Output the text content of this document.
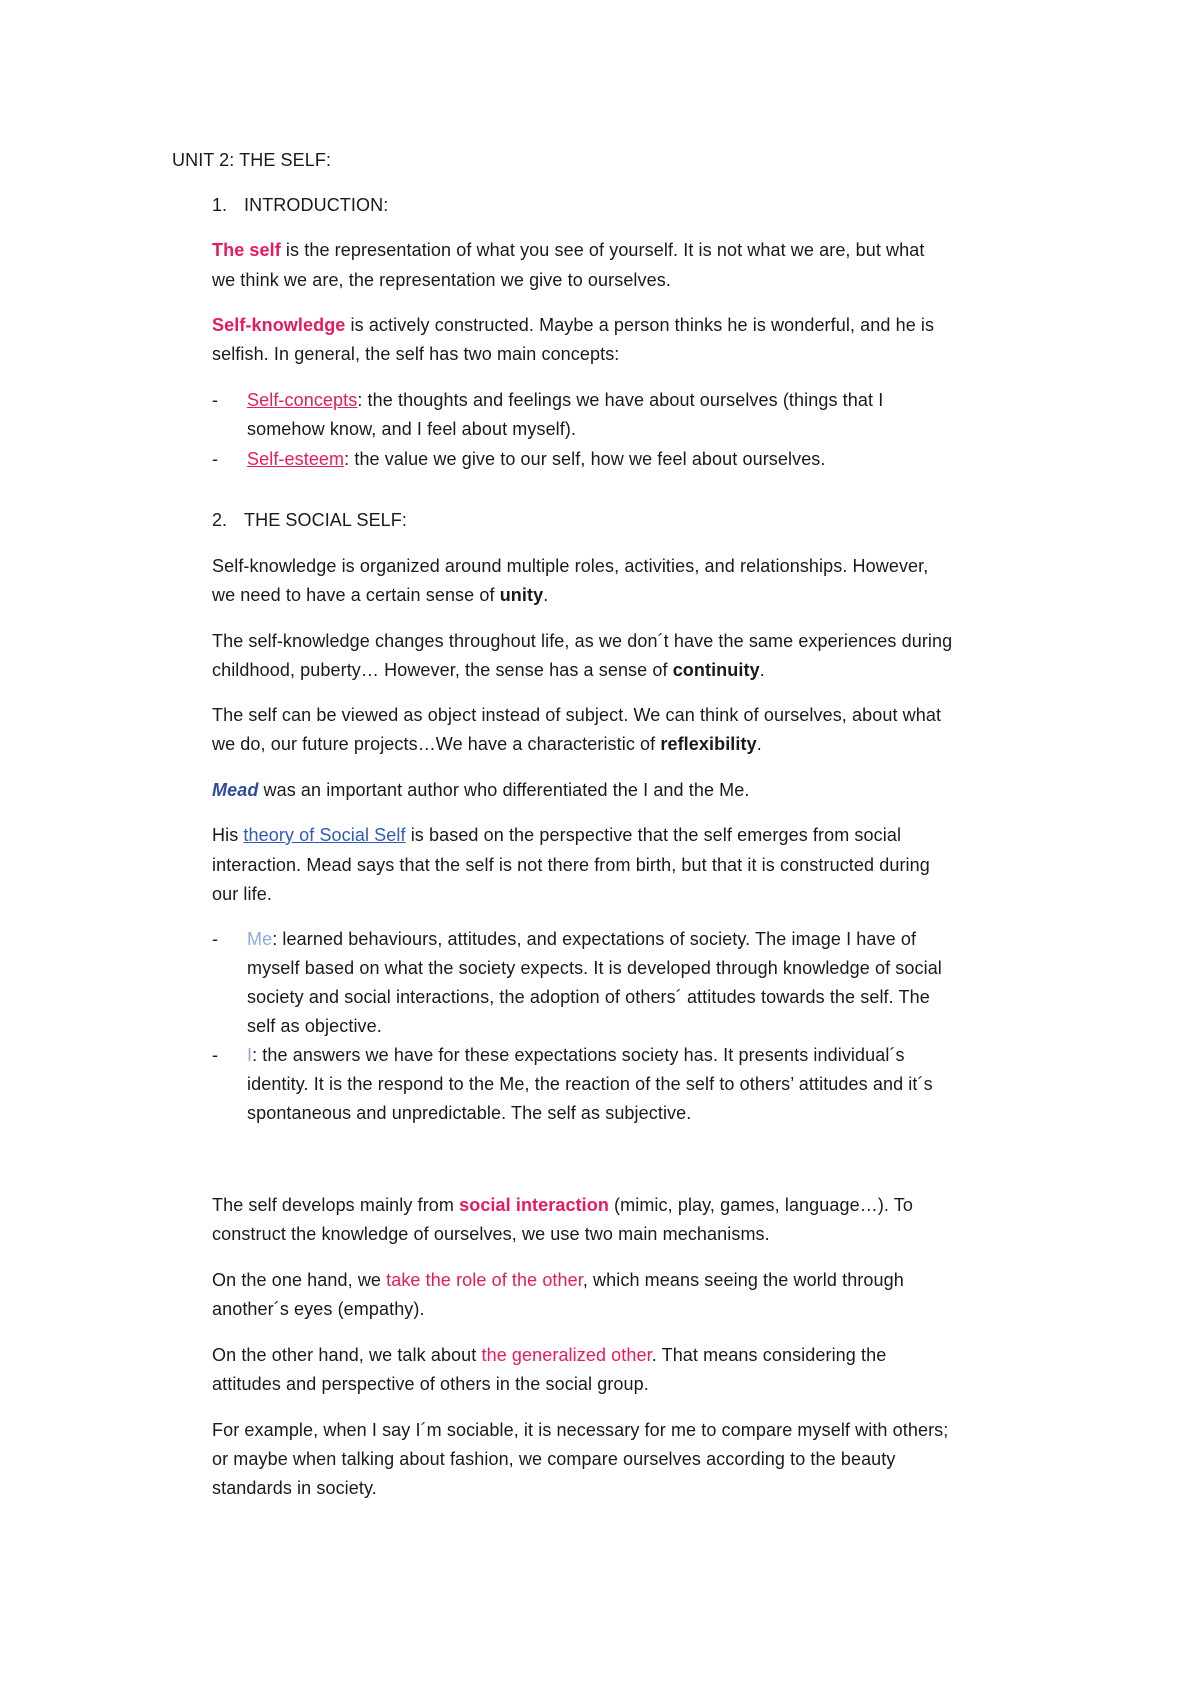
UNIT 2: THE SELF:
1. INTRODUCTION:
The self is the representation of what you see of yourself. It is not what we are, but what
we think we are, the representation we give to ourselves.
Self-knowledge is actively constructed. Maybe a person thinks he is wonderful, and he is
selfish. In general, the self has two main concepts:
- Self-concepts: the thoughts and feelings we have about ourselves (things that I
somehow know, and I feel about myself).
- Self-esteem: the value we give to our self, how we feel about ourselves.
2. THE SOCIAL SELF:
Self-knowledge is organized around multiple roles, activities, and relationships. However,
we need to have a certain sense of unity.
The self-knowledge changes throughout life, as we don´t have the same experiences during
childhood, puberty… However, the sense has a sense of continuity.
The self can be viewed as object instead of subject. We can think of ourselves, about what
we do, our future projects…We have a characteristic of reflexibility.
Mead was an important author who differentiated the I and the Me.
His theory of Social Self is based on the perspective that the self emerges from social
interaction. Mead says that the self is not there from birth, but that it is constructed during
our life.
- Me: learned behaviours, attitudes, and expectations of society. The image I have of
myself based on what the society expects. It is developed through knowledge of social
society and social interactions, the adoption of others´ attitudes towards the self. The
self as objective.
- I: the answers we have for these expectations society has. It presents individual´s
identity. It is the respond to the Me, the reaction of the self to others’ attitudes and it´s
spontaneous and unpredictable. The self as subjective.
The self develops mainly from social interaction (mimic, play, games, language…). To
construct the knowledge of ourselves, we use two main mechanisms.
On the one hand, we take the role of the other, which means seeing the world through
another´s eyes (empathy).
On the other hand, we talk about the generalized other. That means considering the
attitudes and perspective of others in the social group.
For example, when I say I´m sociable, it is necessary for me to compare myself with others;
or maybe when talking about fashion, we compare ourselves according to the beauty
standards in society.
